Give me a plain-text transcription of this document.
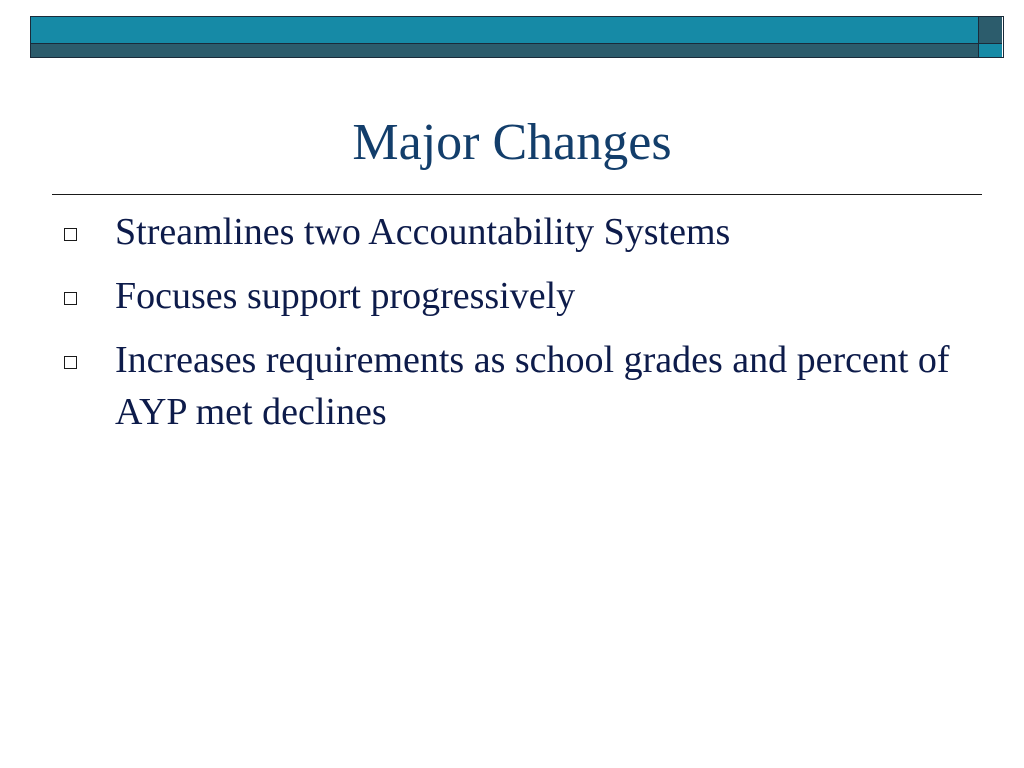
Major Changes
Streamlines two Accountability Systems
Focuses support progressively
Increases requirements as school grades and percent of AYP met declines
